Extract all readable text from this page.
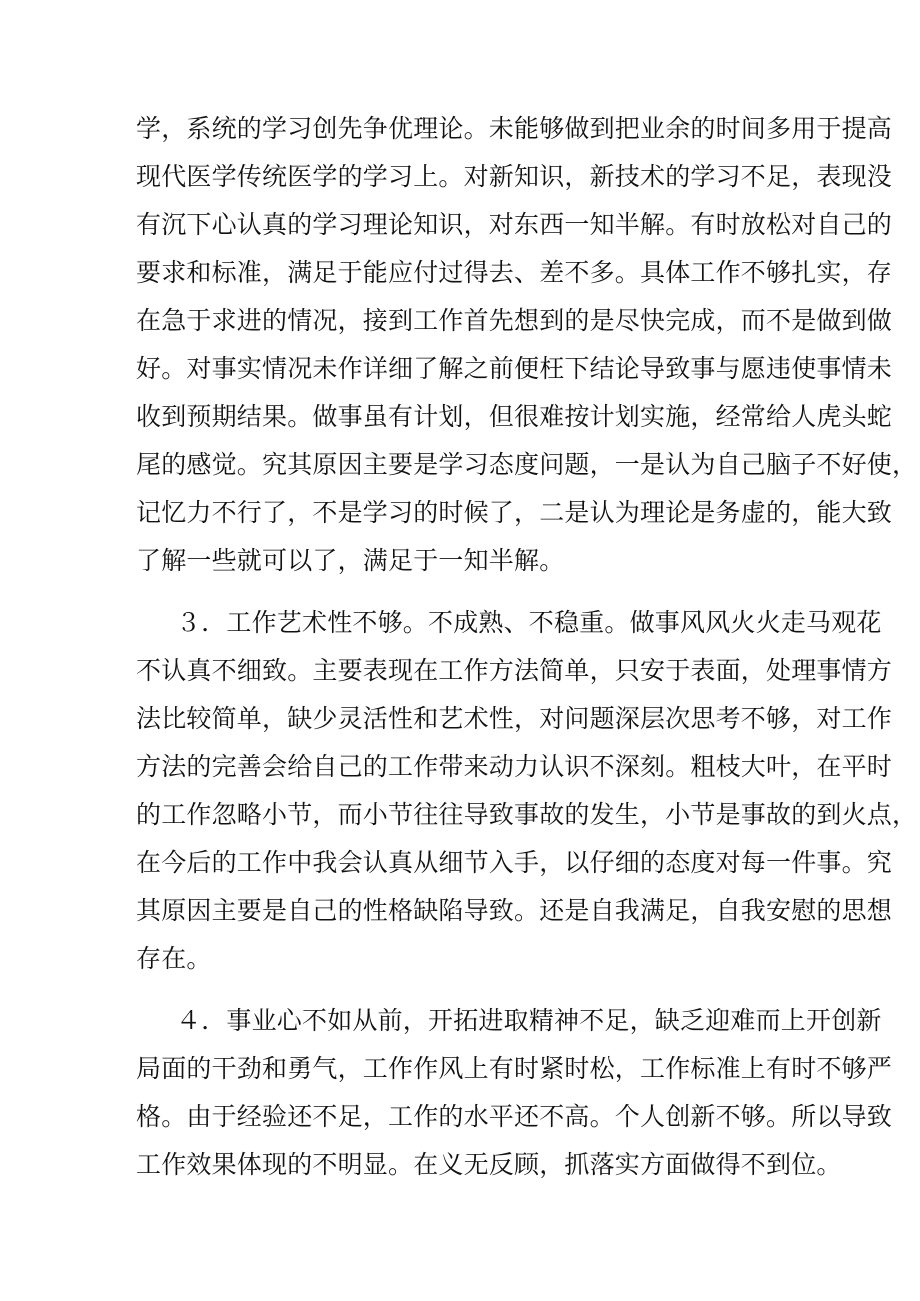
学，系统的学习创先争优理论。未能够做到把业余的时间多用于提高

现代医学传统医学的学习上。对新知识，新技术的学习不足，表现没

有沉下心认真的学习理论知识，对东西一知半解。有时放松对自己的

要求和标准，满足于能应付过得去、差不多。具体工作不够扎实，存

在急于求进的情况，接到工作首先想到的是尽快完成，而不是做到做

好。对事实情况未作详细了解之前便枉下结论导致事与愿违使事情未

收到预期结果。做事虽有计划，但很难按计划实施，经常给人虎头蛇

尾的感觉。究其原因主要是学习态度问题，一是认为自己脑子不好使，

记忆力不行了，不是学习的时候了，二是认为理论是务虚的，能大致

了解一些就可以了，满足于一知半解。

３．工作艺术性不够。不成熟、不稳重。做事风风火火走马观花

不认真不细致。主要表现在工作方法简单，只安于表面，处理事情方

法比较简单，缺少灵活性和艺术性，对问题深层次思考不够，对工作

方法的完善会给自己的工作带来动力认识不深刻。粗枝大叶，在平时

的工作忽略小节，而小节往往导致事故的发生，小节是事故的到火点，

在今后的工作中我会认真从细节入手，以仔细的态度对每一件事。究

其原因主要是自己的性格缺陷导致。还是自我满足，自我安慰的思想

存在。

４．事业心不如从前，开拓进取精神不足，缺乏迎难而上开创新

局面的干劲和勇气，工作作风上有时紧时松，工作标准上有时不够严

格。由于经验还不足，工作的水平还不高。个人创新不够。所以导致

工作效果体现的不明显。在义无反顾，抓落实方面做得不到位。
